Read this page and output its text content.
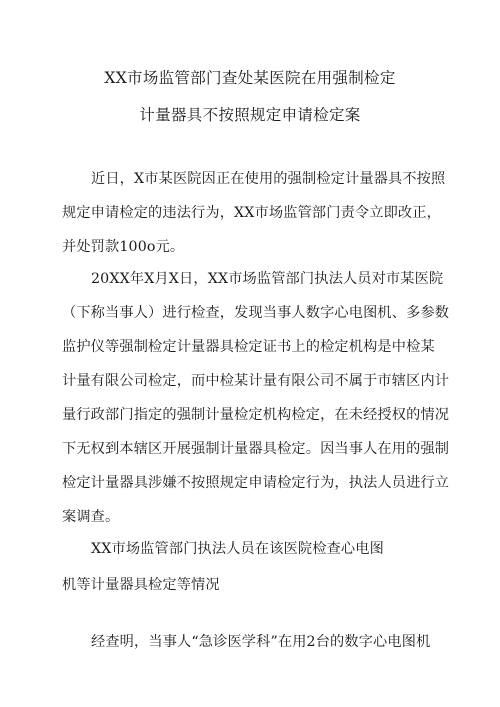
XX市场监管部门查处某医院在用强制检定
计量器具不按照规定申请检定案
近日，X市某医院因正在使用的强制检定计量器具不按照
规定申请检定的违法行为，XX市场监管部门责令立即改正，
并处罚款100o元。
20XX年X月X日，XX市场监管部门执法人员对市某医院
（下称当事人）进行检查，发现当事人数字心电图机、多参数
监护仪等强制检定计量器具检定证书上的检定机构是中检某
计量有限公司检定，而中检某计量有限公司不属于市辖区内计
量行政部门指定的强制计量检定机构检定，在未经授权的情况
下无权到本辖区开展强制计量器具检定。因当事人在用的强制
检定计量器具涉嫌不按照规定申请检定行为，执法人员进行立
案调查。
XX市场监管部门执法人员在该医院检查心电图
机等计量器具检定等情况
经查明，当事人“急诊医学科”在用2台的数字心电图机
